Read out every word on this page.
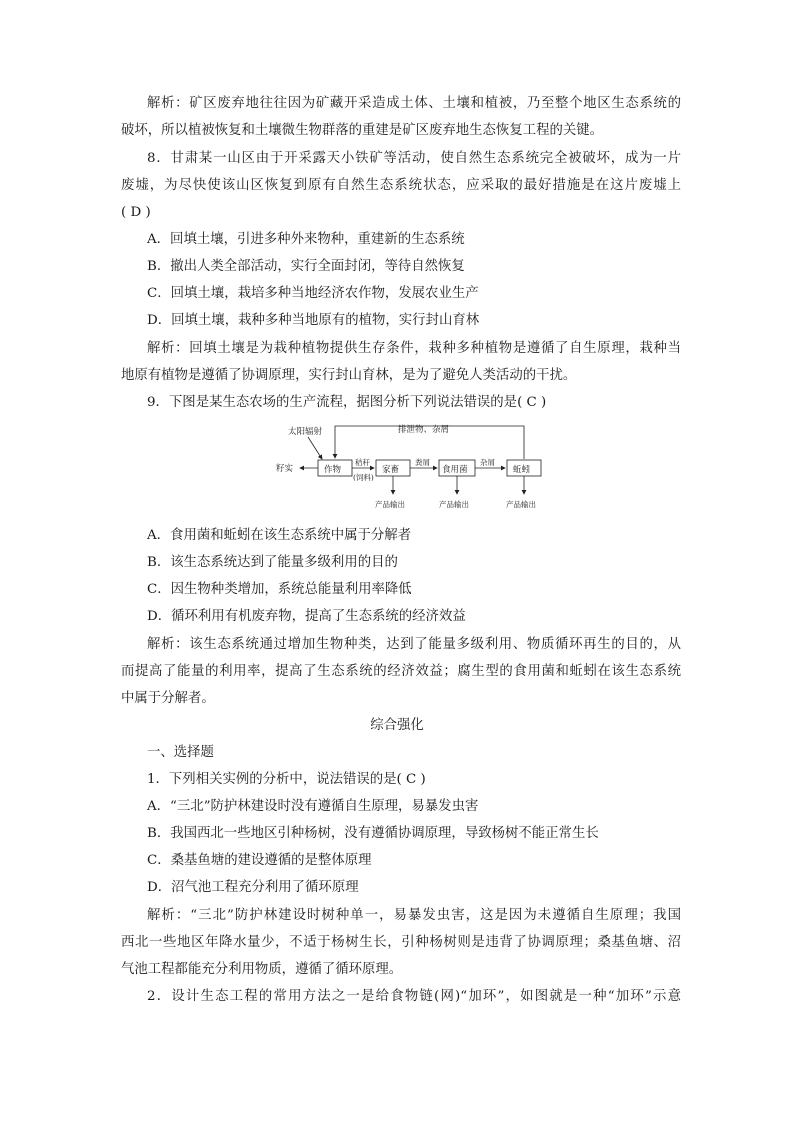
解析：矿区废弃地往往因为矿藏开采造成土体、土壤和植被，乃至整个地区生态系统的
破坏，所以植被恢复和土壤微生物群落的重建是矿区废弃地生态恢复工程的关键。
8．甘肃某一山区由于开采露天小铁矿等活动，使自然生态系统完全被破坏，成为一片
废墟，为尽快使该山区恢复到原有自然生态系统状态，应采取的最好措施是在这片废墟上
( D )
A．回填土壤，引进多种外来物种，重建新的生态系统
B．撤出人类全部活动，实行全面封闭，等待自然恢复
C．回填土壤，栽培多种当地经济农作物，发展农业生产
D．回填土壤，栽种多种当地原有的植物，实行封山育林
解析：回填土壤是为栽种植物提供生存条件，栽种多种植物是遵循了自生原理，栽种当
地原有植物是遵循了协调原理，实行封山育林，是为了避免人类活动的干扰。
9．下图是某生态农场的生产流程，据图分析下列说法错误的是( C )
太阳辐射	排泄物、杂屑
作物
籽实
秸秆
(饲料)
家畜
粪屑
食用菌
杂屑
蚯蚓
产品输出	产品输出	产品输出
A．食用菌和蚯蚓在该生态系统中属于分解者
B．该生态系统达到了能量多级利用的目的
C．因生物种类增加，系统总能量利用率降低
D．循环利用有机废弃物，提高了生态系统的经济效益
解析：该生态系统通过增加生物种类，达到了能量多级利用、物质循环再生的目的，从
而提高了能量的利用率，提高了生态系统的经济效益；腐生型的食用菌和蚯蚓在该生态系统
中属于分解者。
综合强化
一、选择题
1．下列相关实例的分析中，说法错误的是( C )
A．“三北”防护林建设时没有遵循自生原理，易暴发虫害
B．我国西北一些地区引种杨树，没有遵循协调原理，导致杨树不能正常生长
C．桑基鱼塘的建设遵循的是整体原理
D．沼气池工程充分利用了循环原理
解析：“三北”防护林建设时树种单一，易暴发虫害，这是因为未遵循自生原理；我国
西北一些地区年降水量少，不适于杨树生长，引种杨树则是违背了协调原理；桑基鱼塘、沼
气池工程都能充分利用物质，遵循了循环原理。
2．设计生态工程的常用方法之一是给食物链(网)“加环”，如图就是一种“加环”示意
